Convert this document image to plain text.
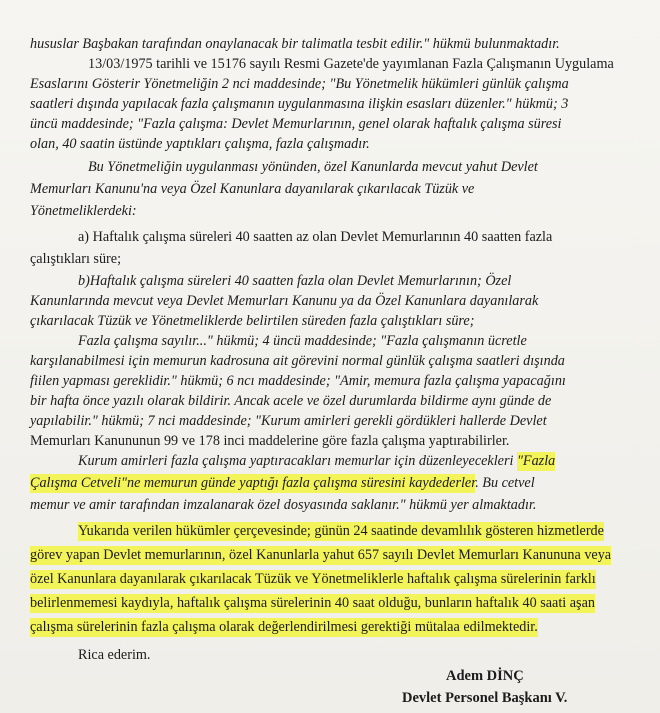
hususlar Başbakan tarafından onaylanacak bir talimatla tesbit edilir." hükmü bulunmaktadır.
13/03/1975 tarihli ve 15176 sayılı Resmi Gazete'de yayımlanan Fazla Çalışmanın Uygulama
Esaslarını Gösterir Yönetmeliğin 2 nci maddesinde; "Bu Yönetmelik hükümleri günlük çalışma
saatleri dışında yapılacak fazla çalışmanın uygulanmasına ilişkin esasları düzenler." hükmü; 3
üncü maddesinde; "Fazla çalışma: Devlet Memurlarının, genel olarak haftalık çalışma süresi
olan, 40 saatin üstünde yaptıkları çalışma, fazla çalışmadır.
Bu Yönetmeliğin uygulanması yönünden, özel Kanunlarda mevcut yahut Devlet
Memurları Kanunu'na veya Özel Kanunlara dayanılarak çıkarılacak Tüzük ve
Yönetmeliklerdeki:
a) Haftalık çalışma süreleri 40 saatten az olan Devlet Memurlarının 40 saatten fazla
çalıştıkları süre;
b)Haftalık çalışma süreleri 40 saatten fazla olan Devlet Memurlarının; Özel
Kanunlarında mevcut veya Devlet Memurları Kanunu ya da Özel Kanunlara dayanılarak
çıkarılacak Tüzük ve Yönetmeliklerde belirtilen süreden fazla çalıştıkları süre;
Fazla çalışma sayılır..." hükmü; 4 üncü maddesinde; "Fazla çalışmanın ücretle
karşılanabilmesi için memurun kadrosuna ait görevini normal günlük çalışma saatleri dışında
fiilen yapması gereklidir." hükmü; 6 ncı maddesinde; "Amir, memura fazla çalışma yapacağını
bir hafta önce yazılı olarak bildirir. Ancak acele ve özel durumlarda bildirme aynı günde de
yapılabilir." hükmü; 7 nci maddesinde; "Kurum amirleri gerekli gördükleri hallerde Devlet
Memurları Kanununun 99 ve 178 inci maddelerine göre fazla çalışma yaptırabilirler.
Kurum amirleri fazla çalışma yaptıracakları memurlar için düzenleyecekleri "Fazla
Çalışma Cetveli"ne memurun günde yaptığı fazla çalışma süresini kaydederler. Bu cetvel
memur ve amir tarafından imzalanarak özel dosyasında saklanır." hükmü yer almaktadır.
Yukarıda verilen hükümler çerçevesinde; günün 24 saatinde devamlılık gösteren hizmetlerde
görev yapan Devlet memurlarının, özel Kanunlarla yahut 657 sayılı Devlet Memurları Kanununa veya
özel Kanunlara dayanılarak çıkarılacak Tüzük ve Yönetmeliklerle haftalık çalışma sürelerinin farklı
belirlenmemesi kaydıyla, haftalık çalışma sürelerinin 40 saat olduğu, bunların haftalık 40 saati aşan
çalışma sürelerinin fazla çalışma olarak değerlendirilmesi gerektiği mütalaa edilmektedir.
Rica ederim.
Adem DİNÇ
Devlet Personel Başkanı V.
